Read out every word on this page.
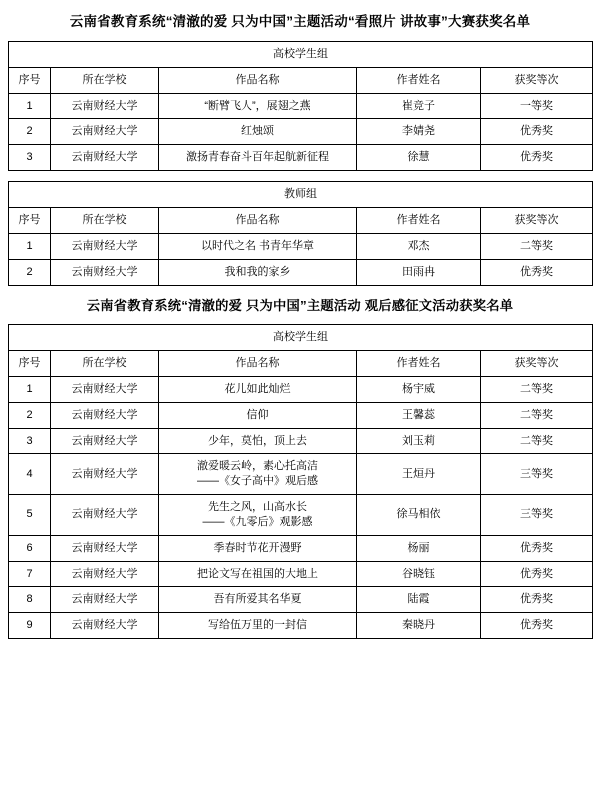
云南省教育系统“清澈的爱 只为中国”主题活动“看照片 讲故事”大赛获奖名单
高校学生组				
序号	所在学校	作品名称	作者姓名	获奖等次
1	云南财经大学	“断臂飞人”，展翅之燕	崔竞子	一等奖
2	云南财经大学	红烛颂	李婧尧	优秀奖
3	云南财经大学	激扬青春奋斗百年起航新征程	徐慧	优秀奖
教师组				
序号	所在学校	作品名称	作者姓名	获奖等次
1	云南财经大学	以时代之名 书青年华章	邓杰	二等奖
2	云南财经大学	我和我的家乡	田雨冉	优秀奖
云南省教育系统“清澈的爱 只为中国”主题活动 观后感征文活动获奖名单
高校学生组				
序号	所在学校	作品名称	作者姓名	获奖等次
1	云南财经大学	花儿如此灿烂	杨宇威	二等奖
2	云南财经大学	信仰	王馨蕊	二等奖
3	云南财经大学	少年，莫怕，顶上去	刘玉莉	二等奖
4	云南财经大学	澈爱暖云岭，素心托高洁
——《女子高中》观后感	王烜丹	三等奖
5	云南财经大学	先生之风，山高水长
——《九零后》观影感	徐马相依	三等奖
6	云南财经大学	季春时节花开漫野	杨丽	优秀奖
7	云南财经大学	把论文写在祖国的大地上	谷晓钰	优秀奖
8	云南财经大学	吾有所爱其名华夏	陆霞	优秀奖
9	云南财经大学	写给伍万里的一封信	秦晓丹	优秀奖
